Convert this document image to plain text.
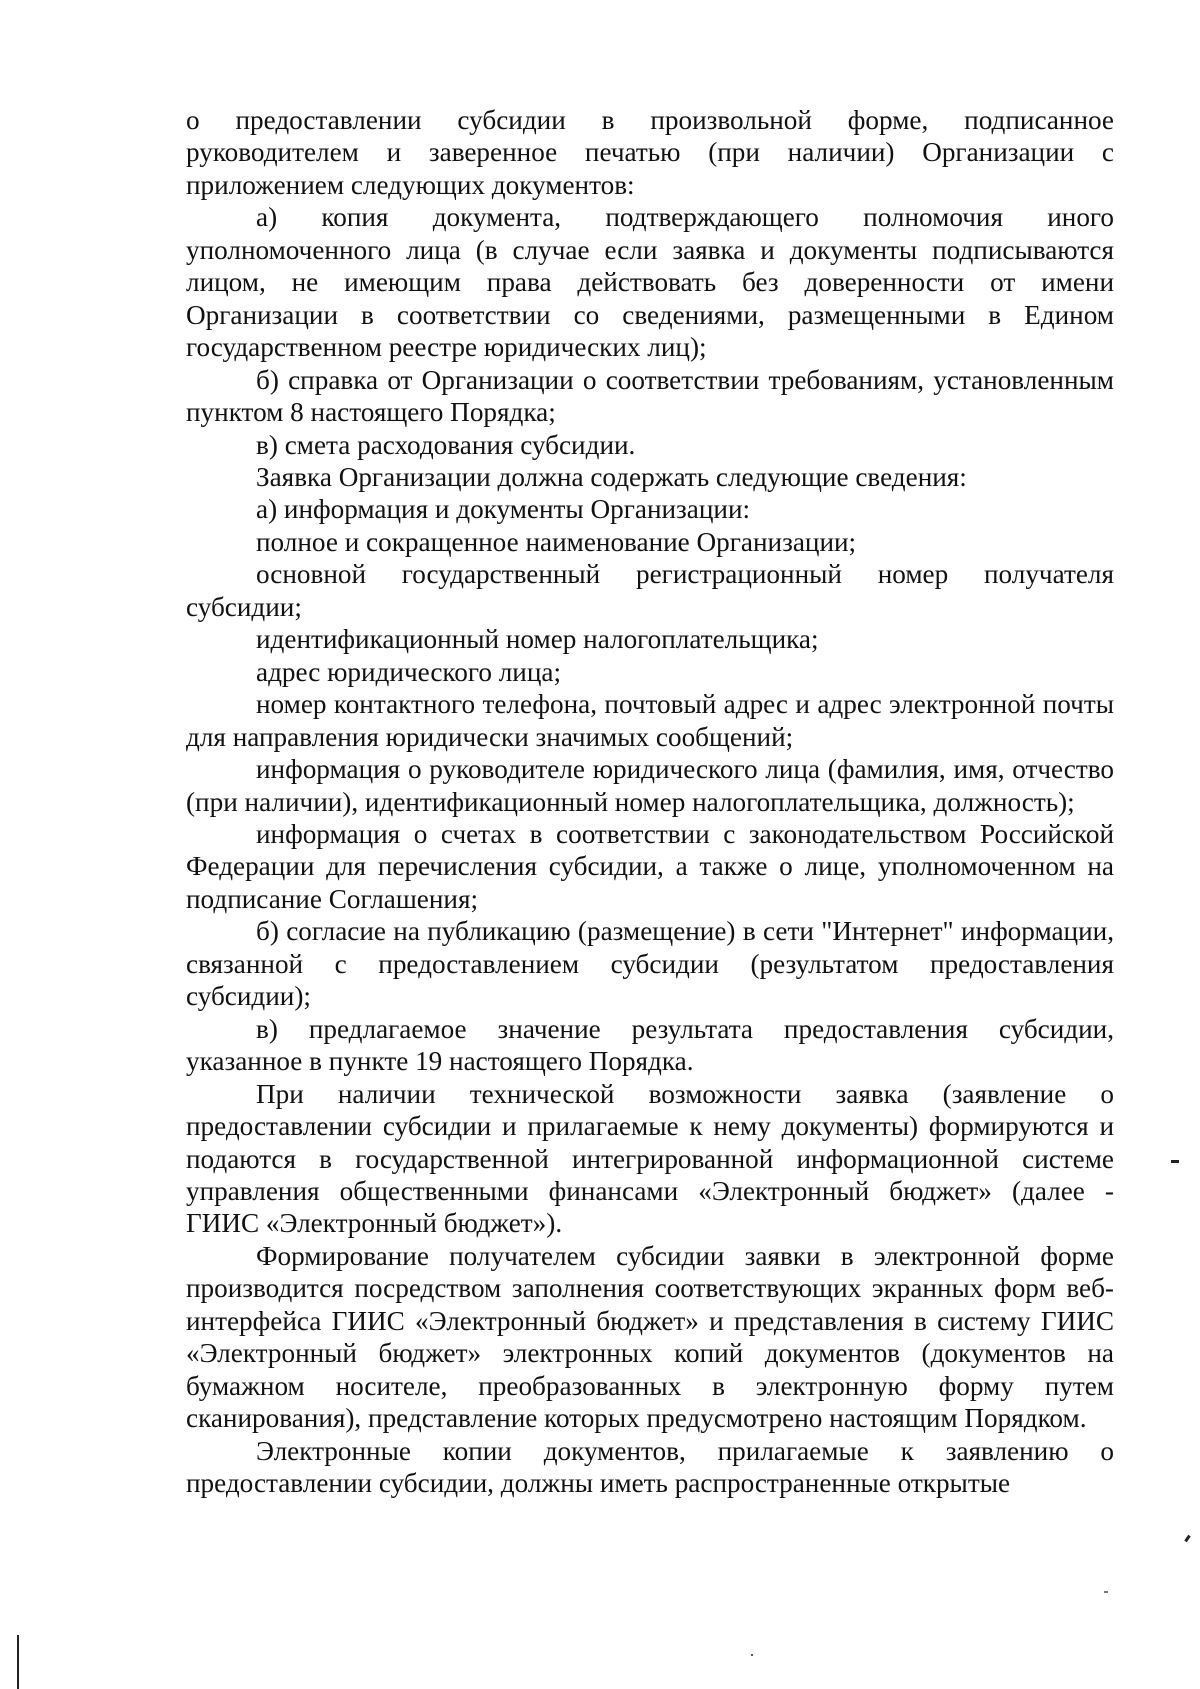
о предоставлении субсидии в произвольной форме, подписанное руководителем и заверенное печатью (при наличии) Организации с приложением следующих документов:

а) копия документа, подтверждающего полномочия иного уполномоченного лица (в случае если заявка и документы подписываются лицом, не имеющим права действовать без доверенности от имени Организации в соответствии со сведениями, размещенными в Едином государственном реестре юридических лиц);

б) справка от Организации о соответствии требованиям, установленным пунктом 8 настоящего Порядка;

в) смета расходования субсидии.

Заявка Организации должна содержать следующие сведения:

а) информация и документы Организации:

полное и сокращенное наименование Организации;

основной государственный регистрационный номер получателя субсидии;

идентификационный номер налогоплательщика;

адрес юридического лица;

номер контактного телефона, почтовый адрес и адрес электронной почты для направления юридически значимых сообщений;

информация о руководителе юридического лица (фамилия, имя, отчество (при наличии), идентификационный номер налогоплательщика, должность);

информация о счетах в соответствии с законодательством Российской Федерации для перечисления субсидии, а также о лице, уполномоченном на подписание Соглашения;

б) согласие на публикацию (размещение) в сети "Интернет" информации, связанной с предоставлением субсидии (результатом предоставления субсидии);

в) предлагаемое значение результата предоставления субсидии, указанное в пункте 19 настоящего Порядка.

При наличии технической возможности заявка (заявление о предоставлении субсидии и прилагаемые к нему документы) формируются и подаются в государственной интегрированной информационной системе управления общественными финансами «Электронный бюджет» (далее - ГИИС «Электронный бюджет»).

Формирование получателем субсидии заявки в электронной форме производится посредством заполнения соответствующих экранных форм веб-интерфейса ГИИС «Электронный бюджет» и представления в систему ГИИС «Электронный бюджет» электронных копий документов (документов на бумажном носителе, преобразованных в электронную форму путем сканирования), представление которых предусмотрено настоящим Порядком.

Электронные копии документов, прилагаемые к заявлению о предоставлении субсидии, должны иметь распространенные открытые
